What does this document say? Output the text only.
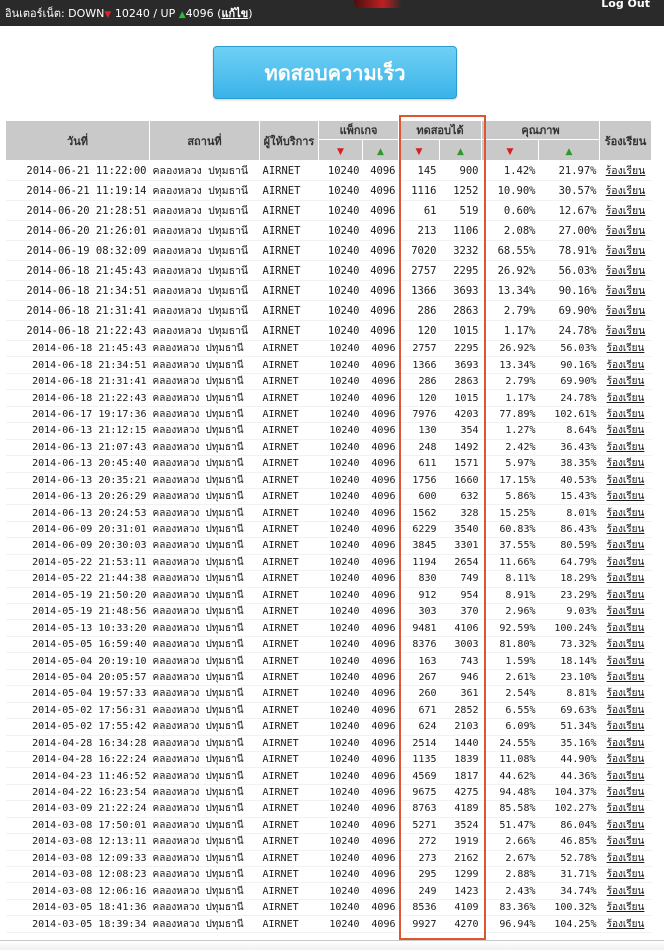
อินเตอร์เน็ต: DOWN▼ 10240 / UP ▲4096 (แก้ไข)
Log Out
ทดสอบความเร็ว
วันที่	สถานที่	ผู้ให้บริการ	แพ็กเกจ		ทดสอบได้		คุณภาพ		ร้องเรียน
			▼	▲	▼	▲	▼	▲	
2014-06-21 11:22:00	คลองหลวง ปทุมธานี	AIRNET	10240	4096	145	900	1.42%	21.97%	ร้องเรียน
2014-06-21 11:19:14	คลองหลวง ปทุมธานี	AIRNET	10240	4096	1116	1252	10.90%	30.57%	ร้องเรียน
2014-06-20 21:28:51	คลองหลวง ปทุมธานี	AIRNET	10240	4096	61	519	0.60%	12.67%	ร้องเรียน
2014-06-20 21:26:01	คลองหลวง ปทุมธานี	AIRNET	10240	4096	213	1106	2.08%	27.00%	ร้องเรียน
2014-06-19 08:32:09	คลองหลวง ปทุมธานี	AIRNET	10240	4096	7020	3232	68.55%	78.91%	ร้องเรียน
2014-06-18 21:45:43	คลองหลวง ปทุมธานี	AIRNET	10240	4096	2757	2295	26.92%	56.03%	ร้องเรียน
2014-06-18 21:34:51	คลองหลวง ปทุมธานี	AIRNET	10240	4096	1366	3693	13.34%	90.16%	ร้องเรียน
2014-06-18 21:31:41	คลองหลวง ปทุมธานี	AIRNET	10240	4096	286	2863	2.79%	69.90%	ร้องเรียน
2014-06-18 21:22:43	คลองหลวง ปทุมธานี	AIRNET	10240	4096	120	1015	1.17%	24.78%	ร้องเรียน
2014-06-18 21:45:43	คลองหลวง ปทุมธานี	AIRNET	10240	4096	2757	2295	26.92%	56.03%	ร้องเรียน
2014-06-18 21:34:51	คลองหลวง ปทุมธานี	AIRNET	10240	4096	1366	3693	13.34%	90.16%	ร้องเรียน
2014-06-18 21:31:41	คลองหลวง ปทุมธานี	AIRNET	10240	4096	286	2863	2.79%	69.90%	ร้องเรียน
2014-06-18 21:22:43	คลองหลวง ปทุมธานี	AIRNET	10240	4096	120	1015	1.17%	24.78%	ร้องเรียน
2014-06-17 19:17:36	คลองหลวง ปทุมธานี	AIRNET	10240	4096	7976	4203	77.89%	102.61%	ร้องเรียน
2014-06-13 21:12:15	คลองหลวง ปทุมธานี	AIRNET	10240	4096	130	354	1.27%	8.64%	ร้องเรียน
2014-06-13 21:07:43	คลองหลวง ปทุมธานี	AIRNET	10240	4096	248	1492	2.42%	36.43%	ร้องเรียน
2014-06-13 20:45:40	คลองหลวง ปทุมธานี	AIRNET	10240	4096	611	1571	5.97%	38.35%	ร้องเรียน
2014-06-13 20:35:21	คลองหลวง ปทุมธานี	AIRNET	10240	4096	1756	1660	17.15%	40.53%	ร้องเรียน
2014-06-13 20:26:29	คลองหลวง ปทุมธานี	AIRNET	10240	4096	600	632	5.86%	15.43%	ร้องเรียน
2014-06-13 20:24:53	คลองหลวง ปทุมธานี	AIRNET	10240	4096	1562	328	15.25%	8.01%	ร้องเรียน
2014-06-09 20:31:01	คลองหลวง ปทุมธานี	AIRNET	10240	4096	6229	3540	60.83%	86.43%	ร้องเรียน
2014-06-09 20:30:03	คลองหลวง ปทุมธานี	AIRNET	10240	4096	3845	3301	37.55%	80.59%	ร้องเรียน
2014-05-22 21:53:11	คลองหลวง ปทุมธานี	AIRNET	10240	4096	1194	2654	11.66%	64.79%	ร้องเรียน
2014-05-22 21:44:38	คลองหลวง ปทุมธานี	AIRNET	10240	4096	830	749	8.11%	18.29%	ร้องเรียน
2014-05-19 21:50:20	คลองหลวง ปทุมธานี	AIRNET	10240	4096	912	954	8.91%	23.29%	ร้องเรียน
2014-05-19 21:48:56	คลองหลวง ปทุมธานี	AIRNET	10240	4096	303	370	2.96%	9.03%	ร้องเรียน
2014-05-13 10:33:20	คลองหลวง ปทุมธานี	AIRNET	10240	4096	9481	4106	92.59%	100.24%	ร้องเรียน
2014-05-05 16:59:40	คลองหลวง ปทุมธานี	AIRNET	10240	4096	8376	3003	81.80%	73.32%	ร้องเรียน
2014-05-04 20:19:10	คลองหลวง ปทุมธานี	AIRNET	10240	4096	163	743	1.59%	18.14%	ร้องเรียน
2014-05-04 20:05:57	คลองหลวง ปทุมธานี	AIRNET	10240	4096	267	946	2.61%	23.10%	ร้องเรียน
2014-05-04 19:57:33	คลองหลวง ปทุมธานี	AIRNET	10240	4096	260	361	2.54%	8.81%	ร้องเรียน
2014-05-02 17:56:31	คลองหลวง ปทุมธานี	AIRNET	10240	4096	671	2852	6.55%	69.63%	ร้องเรียน
2014-05-02 17:55:42	คลองหลวง ปทุมธานี	AIRNET	10240	4096	624	2103	6.09%	51.34%	ร้องเรียน
2014-04-28 16:34:28	คลองหลวง ปทุมธานี	AIRNET	10240	4096	2514	1440	24.55%	35.16%	ร้องเรียน
2014-04-28 16:22:24	คลองหลวง ปทุมธานี	AIRNET	10240	4096	1135	1839	11.08%	44.90%	ร้องเรียน
2014-04-23 11:46:52	คลองหลวง ปทุมธานี	AIRNET	10240	4096	4569	1817	44.62%	44.36%	ร้องเรียน
2014-04-22 16:23:54	คลองหลวง ปทุมธานี	AIRNET	10240	4096	9675	4275	94.48%	104.37%	ร้องเรียน
2014-03-09 21:22:24	คลองหลวง ปทุมธานี	AIRNET	10240	4096	8763	4189	85.58%	102.27%	ร้องเรียน
2014-03-08 17:50:01	คลองหลวง ปทุมธานี	AIRNET	10240	4096	5271	3524	51.47%	86.04%	ร้องเรียน
2014-03-08 12:13:11	คลองหลวง ปทุมธานี	AIRNET	10240	4096	272	1919	2.66%	46.85%	ร้องเรียน
2014-03-08 12:09:33	คลองหลวง ปทุมธานี	AIRNET	10240	4096	273	2162	2.67%	52.78%	ร้องเรียน
2014-03-08 12:08:23	คลองหลวง ปทุมธานี	AIRNET	10240	4096	295	1299	2.88%	31.71%	ร้องเรียน
2014-03-08 12:06:16	คลองหลวง ปทุมธานี	AIRNET	10240	4096	249	1423	2.43%	34.74%	ร้องเรียน
2014-03-05 18:41:36	คลองหลวง ปทุมธานี	AIRNET	10240	4096	8536	4109	83.36%	100.32%	ร้องเรียน
2014-03-05 18:39:34	คลองหลวง ปทุมธานี	AIRNET	10240	4096	9927	4270	96.94%	104.25%	ร้องเรียน
